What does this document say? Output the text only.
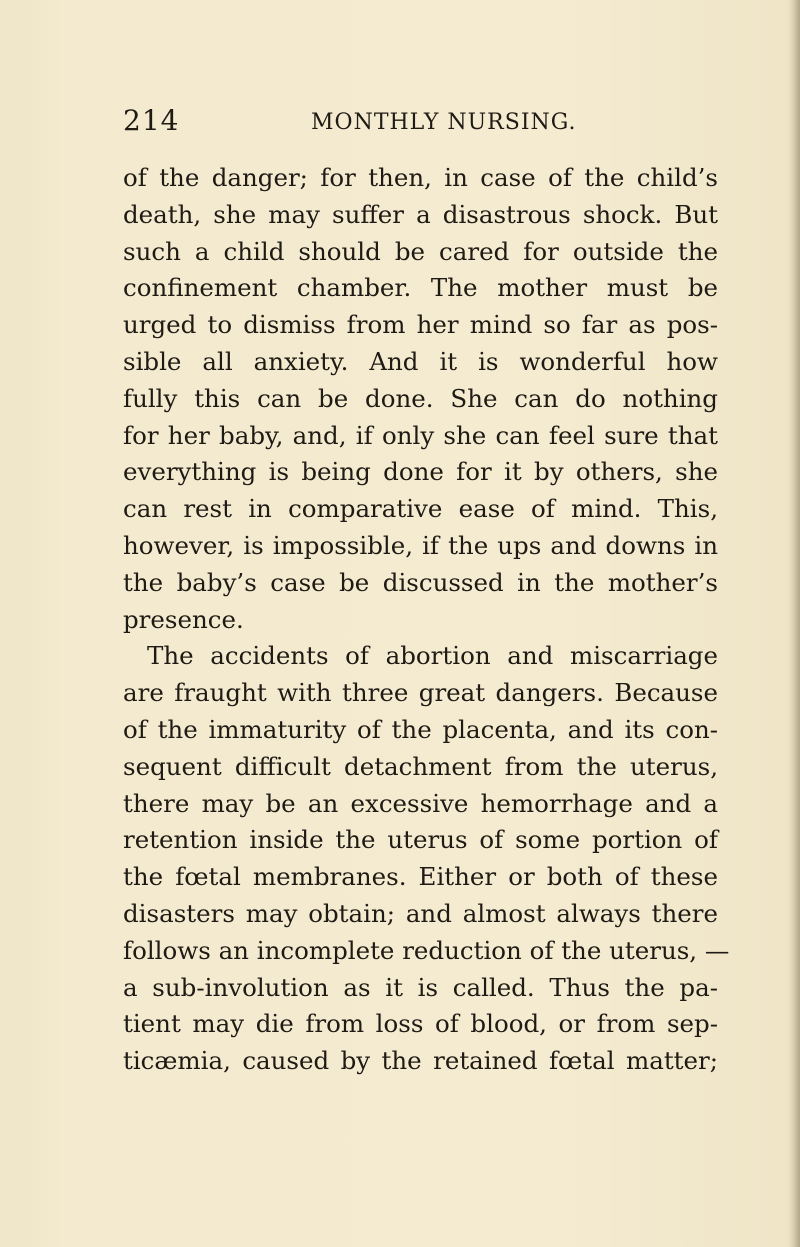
214	MONTHLY NURSING.
of the danger; for then, in case of the child’s
death, she may suffer a disastrous shock. But
such a child should be cared for outside the
confinement chamber. The mother must be
urged to dismiss from her mind so far as pos-
sible all anxiety. And it is wonderful how
fully this can be done. She can do nothing
for her baby, and, if only she can feel sure that
everything is being done for it by others, she
can rest in comparative ease of mind. This,
however, is impossible, if the ups and downs in
the baby’s case be discussed in the mother’s
presence.
The accidents of abortion and miscarriage
are fraught with three great dangers. Because
of the immaturity of the placenta, and its con-
sequent difficult detachment from the uterus,
there may be an excessive hemorrhage and a
retention inside the uterus of some portion of
the fœtal membranes. Either or both of these
disasters may obtain; and almost always there
follows an incomplete reduction of the uterus, —
a sub-involution as it is called. Thus the pa-
tient may die from loss of blood, or from sep-
ticæmia, caused by the retained fœtal matter;
